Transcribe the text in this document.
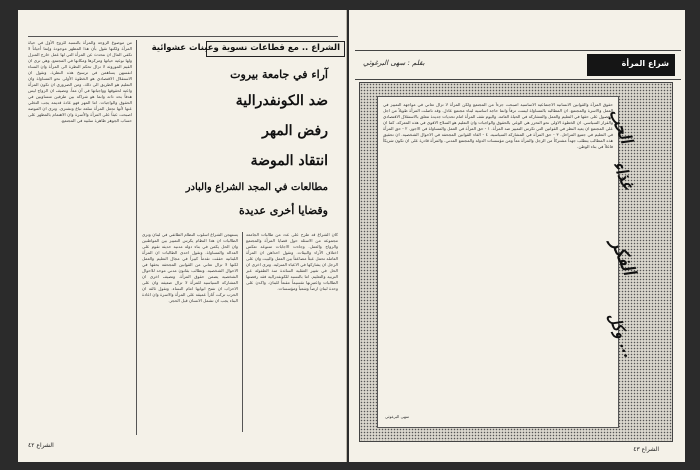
من موضوع الزوجة والمرأة بالنسبة للزوج الأول في حياة المرأة ولكنها تقول بأن هذا المظهر موجودة وإنما أحياناً لا تكفي المال ان نتحدث عن المرأة التي لها عمل خارج المنزل ولها نوعية حياتها ومركزها ومكانها في المجتمع. وهي ترى ان القيم الموروثة لا تزال تحكم النظرة الى المرأة وان النساء انفسهن يساهمن في ترسيخ هذه النظرة. وتقول ان الاستقلال الاقتصادي هو الخطوة الأولى نحو المساواة وان التعليم هو الطريق الى ذلك. ومن الضروري ان تكون المرأة واعية لحقوقها وواجباتها في آن معاً. وتضيف ان الزواج ليس هدفاً بحد ذاته وانما هو شراكة بين طرفين متساويين في الحقوق والواجبات. اما المهر فهو عادة قديمة يجب التخلي عنها لأنها تجعل المرأة سلعة تباع وتشترى. وترى ان الموضة اصبحت عبئاً على المرأة والأسرة وان الاهتمام بالمظهر على حساب الجوهر ظاهرة سلبية في المجتمع.
الشراع .. مع قطاعات نسوية وعينات عشوائية
آراء في جامعة بيروت
ضد الكونفدرالية
رفض المهر
انتقاد الموضة
مطالعات في المجد الشراع والبادر
وقضايا أخرى عديدة
كان الشراع قد طرح على عدد من طالبات الجامعة مجموعة من الاسئلة حول قضايا المرأة والمجتمع والزواج والعمل. وجاءت الاجابات متنوعة تعكس اختلاف الآراء والبيئات. وتقول احداهن ان المرأة العاملة تحمل عبئاً مضاعفاً بين العمل والبيت وان على الرجل ان يشاركها في الاعباء المنزلية. وترى اخرى ان الحل في تغيير العقلية السائدة منذ الطفولة عبر التربية والتعليم. اما بالنسبة للكونفدرالية فقد رفضتها الطالبات واعتبرنها تقسيماً مقنعاً للبنان. واكدن على وحدة لبنان ارضاً وشعباً ومؤسسات.
يستهجن الشراع اسلوب النظام الطائفي في لبنان وترى الطالبات ان هذا النظام يكرس التمييز بين المواطنين وان الحل يكمن في بناء دولة مدنية حديثة تقوم على العدالة والمساواة. وتقول احدى الطالبات ان المرأة اللبنانية حققت تقدماً كبيراً في مجال التعليم والعمل لكنها لا تزال تعاني من القوانين المجحفة بحقها في الاحوال الشخصية. وتطالب بقانون مدني موحد للاحوال الشخصية يضمن حقوق المرأة. وتضيف اخرى ان المشاركة السياسية للمرأة لا تزال ضعيفة وان على الاحزاب ان تفتح ابوابها امام النساء. وتقول ثالثة ان الحرب تركت آثاراً عميقة على المرأة والاسرة وان اعادة البناء يجب ان تشمل الانسان قبل الحجر.
الشراع ٤٢
شراع المرأة
بقلم : سهى البرغوثي
حقوق المرأة والقوانين الانسانية الاجتماعية الاساسية اصبحت جزءاً من المجتمع ولكن المرأة لا تزال تعاني في مواجهة التمييز في العمل والاسرة والمجتمع. ان المطالبة بالمساواة ليست ترفاً وانما حاجة اساسية لبناء مجتمع عادل. وقد ناضلت المرأة طويلاً من اجل الحصول على حقها في التعليم والعمل والمشاركة في الحياة العامة. واليوم تقف المرأة امام تحديات جديدة تتعلق بالاستقلال الاقتصادي والقرار السياسي. ان الخطوة الاولى نحو التحرر هي الوعي بالحقوق والواجبات وان التعليم هو السلاح الاقوى في هذه المعركة. كما ان على المجتمع ان يعيد النظر في القوانين التي تكرس التمييز ضد المرأة. ١ - حق المرأة في العمل والمساواة في الاجور. ٢ - حق المرأة في التعليم في جميع المراحل. ٣ - حق المرأة في المشاركة السياسية. ٤ - الغاء القوانين المجحفة في الاحوال الشخصية. ان تحقيق هذه المطالب يتطلب جهداً مشتركاً من الرجل والمرأة معاً ومن مؤسسات الدولة والمجتمع المدني. والمرأة قادرة على ان تكون شريكاً فاعلاً في بناء الوطن.
الحب
غذاء
الفكر
وكل ...
سهى البرغوثي
الشراع ٤٣
